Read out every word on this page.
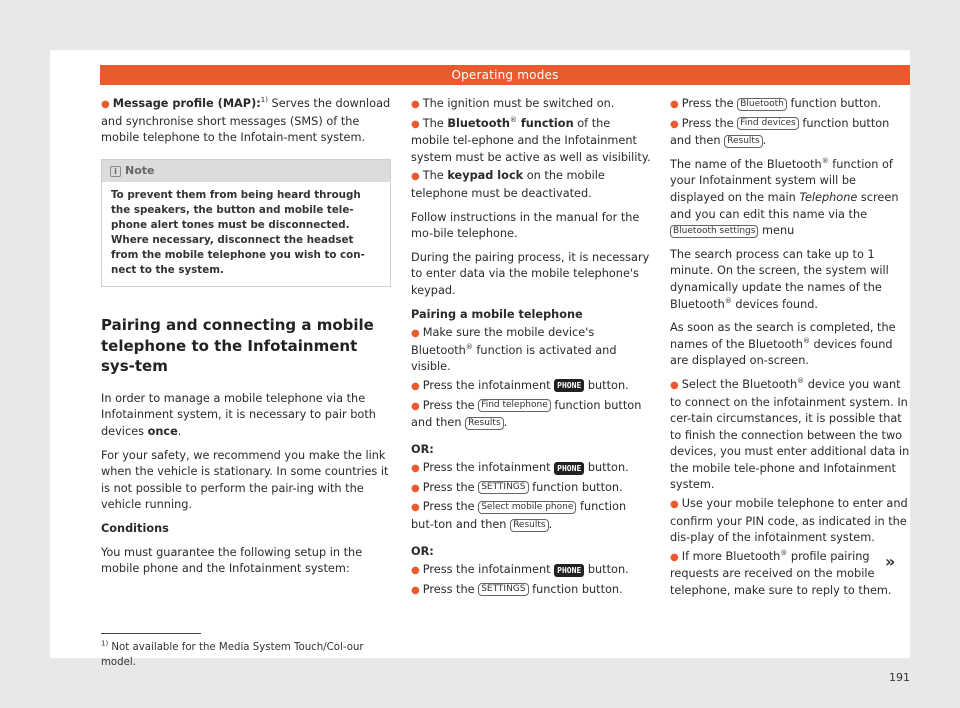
Operating modes

● Message profile (MAP):$^{1)}$ Serves the download and synchronise short messages (SMS) of the mobile telephone to the Infotain-ment system.

i Note
To prevent them from being heard through the speakers, the button and mobile tele-phone alert tones must be disconnected. Where necessary, disconnect the headset from the mobile telephone you wish to con-nect to the system.
Pairing and connecting a mobile telephone to the Infotainment sys-tem

In order to manage a mobile telephone via the Infotainment system, it is necessary to pair both devices once.

For your safety, we recommend you make the link when the vehicle is stationary. In some countries it is not possible to perform the pair-ing with the vehicle running.

Conditions

You must guarantee the following setup in the mobile phone and the Infotainment system:

● The ignition must be switched on.

● The Bluetooth® function of the mobile tel-ephone and the Infotainment system must be active as well as visibility.

● The keypad lock on the mobile telephone must be deactivated.

Follow instructions in the manual for the mo-bile telephone.

During the pairing process, it is necessary to enter data via the mobile telephone's keypad.

Pairing a mobile telephone

● Make sure the mobile device's Bluetooth® function is activated and visible.

● Press the infotainment PHONE button.

● Press the Find telephone function button and then Results .

OR:

● Press the infotainment PHONE button.

● Press the SETTINGS function button.

● Press the Select mobile phone function but-ton and then Results .

OR:

● Press the infotainment PHONE button.

● Press the SETTINGS function button.

● Press the Bluetooth function button.

● Press the Find devices function button and then Results .

The name of the Bluetooth® function of your Infotainment system will be displayed on the main Telephone screen and you can edit this name via the Bluetooth settings menu

The search process can take up to 1 minute. On the screen, the system will dynamically update the names of the Bluetooth® devices found.

As soon as the search is completed, the names of the Bluetooth® devices found are displayed on-screen.

● Select the Bluetooth® device you want to connect on the infotainment system. In cer-tain circumstances, it is possible that to finish the connection between the two devices, you must enter additional data in the mobile tele-phone and Infotainment system.

● Use your mobile telephone to enter and confirm your PIN code, as indicated in the dis-play of the infotainment system.

● If more Bluetooth® profile pairing requests are received on the mobile telephone, make sure to reply to them.

»
$^{1)}$ Not available for the Media System Touch/Col-our model.
191
